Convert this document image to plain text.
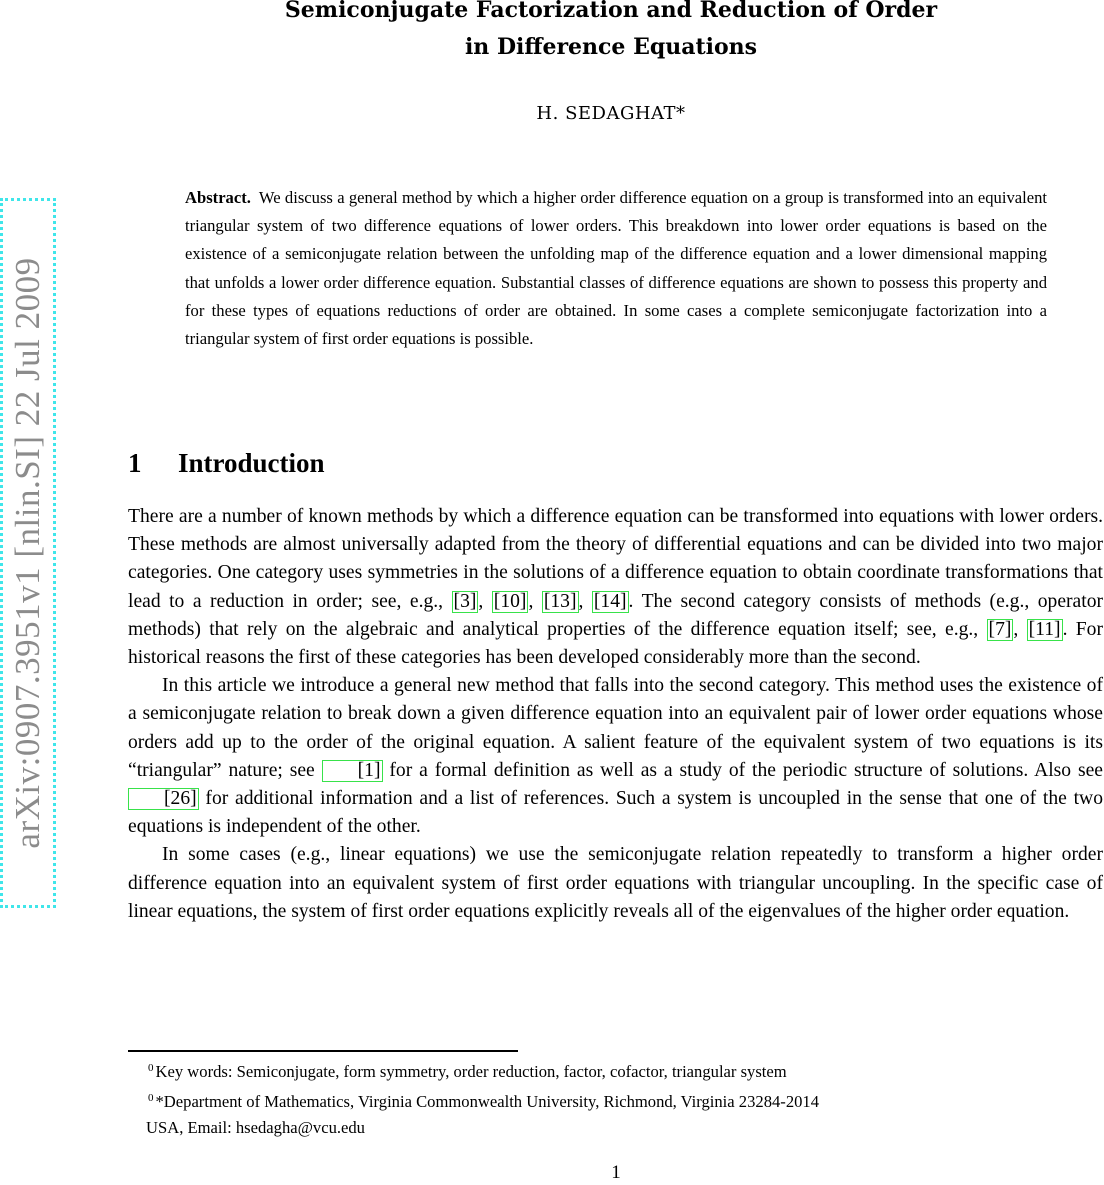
Semiconjugate Factorization and Reduction of Order
in Difference Equations
H. SEDAGHAT*
arXiv:0907.3951v1 [nlin.SI] 22 Jul 2009
Abstract. We discuss a general method by which a higher order difference equation on a group is transformed into an equivalent triangular system of two difference equations of lower orders. This breakdown into lower order equations is based on the existence of a semiconjugate relation between the unfolding map of the difference equation and a lower dimensional mapping that unfolds a lower order difference equation. Substantial classes of difference equations are shown to possess this property and for these types of equations reductions of order are obtained. In some cases a complete semiconjugate factorization into a triangular system of first order equations is possible.
1 Introduction

There are a number of known methods by which a difference equation can be transformed into equations with lower orders. These methods are almost universally adapted from the theory of differential equations and can be divided into two major categories. One category uses symmetries in the solutions of a difference equation to obtain coordinate transformations that lead to a reduction in order; see, e.g., [3] , [10] , [13] , [14] . The second category consists of methods (e.g., operator methods) that rely on the algebraic and analytical properties of the difference equation itself; see, e.g., [7] , [11] . For historical reasons the first of these categories has been developed considerably more than the second.

In this article we introduce a general new method that falls into the second category. This method uses the existence of a semiconjugate relation to break down a given difference equation into an equivalent pair of lower order equations whose orders add up to the order of the original equation. A salient feature of the equivalent system of two equations is its “triangular” nature; see [1] for a formal definition as well as a study of the periodic structure of solutions. Also see [26] for additional information and a list of references. Such a system is uncoupled in the sense that one of the two equations is independent of the other.

In some cases (e.g., linear equations) we use the semiconjugate relation repeatedly to transform a higher order difference equation into an equivalent system of first order equations with triangular uncoupling. In the specific case of linear equations, the system of first order equations explicitly reveals all of the eigenvalues of the higher order equation.

$^0$ Key words: Semiconjugate, form symmetry, order reduction, factor, cofactor, triangular system

$^0$ *Department of Mathematics, Virginia Commonwealth University, Richmond, Virginia 23284-2014

USA, Email: hsedagha@vcu.edu

1
